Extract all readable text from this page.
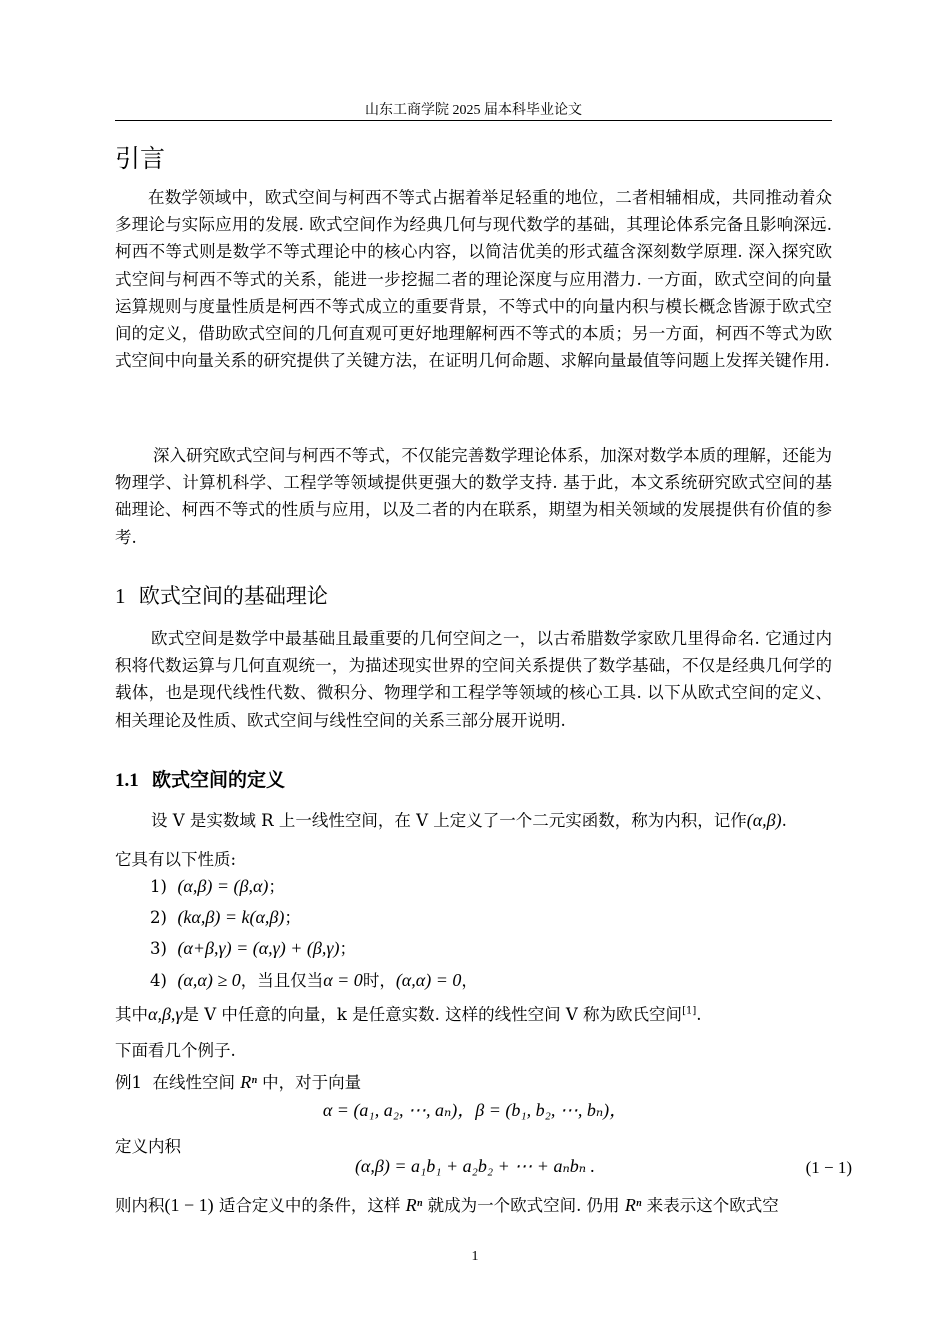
山东工商学院 2025 届本科毕业论文
引言

在数学领域中，欧式空间与柯西不等式占据着举足轻重的地位，二者相辅相成，共同推动着众多理论与实际应用的发展. 欧式空间作为经典几何与现代数学的基础，其理论体系完备且影响深远. 柯西不等式则是数学不等式理论中的核心内容，以简洁优美的形式蕴含深刻数学原理. 深入探究欧式空间与柯西不等式的关系，能进一步挖掘二者的理论深度与应用潜力. 一方面，欧式空间的向量运算规则与度量性质是柯西不等式成立的重要背景，不等式中的向量内积与模长概念皆源于欧式空间的定义，借助欧式空间的几何直观可更好地理解柯西不等式的本质；另一方面，柯西不等式为欧式空间中向量关系的研究提供了关键方法，在证明几何命题、求解向量最值等问题上发挥关键作用.

深入研究欧式空间与柯西不等式，不仅能完善数学理论体系，加深对数学本质的理解，还能为物理学、计算机科学、工程学等领域提供更强大的数学支持. 基于此，本文系统研究欧式空间的基础理论、柯西不等式的性质与应用，以及二者的内在联系，期望为相关领域的发展提供有价值的参考.

1 欧式空间的基础理论

欧式空间是数学中最基础且最重要的几何空间之一，以古希腊数学家欧几里得命名. 它通过内积将代数运算与几何直观统一，为描述现实世界的空间关系提供了数学基础，不仅是经典几何学的载体，也是现代线性代数、微积分、物理学和工程学等领域的核心工具. 以下从欧式空间的定义、相关理论及性质、欧式空间与线性空间的关系三部分展开说明.

1.1 欧式空间的定义
设 V 是实数域 R 上一线性空间，在 V 上定义了一个二元实函数，称为内积，记作(α,β).
它具有以下性质:
1) (α,β) = (β,α)；
2) (kα,β) = k(α,β)；
3) (α+β,γ) = (α,γ) + (β,γ)；
4) (α,α) ≥ 0，当且仅当α = 0时，(α,α) = 0，
其中α,β,γ是 V 中任意的向量，k 是任意实数. 这样的线性空间 V 称为欧氏空间[1].
下面看几个例子.
例1 在线性空间 Rⁿ 中，对于向量
α = (a₁, a₂, ⋯, aₙ)，β = (b₁, b₂, ⋯, bₙ)，
定义内积
(α,β) = a₁b₁ + a₂b₂ + ⋯ + aₙbₙ .	(1 − 1)
则内积(1 − 1) 适合定义中的条件，这样 Rⁿ 就成为一个欧式空间. 仍用 Rⁿ 来表示这个欧式空
1
